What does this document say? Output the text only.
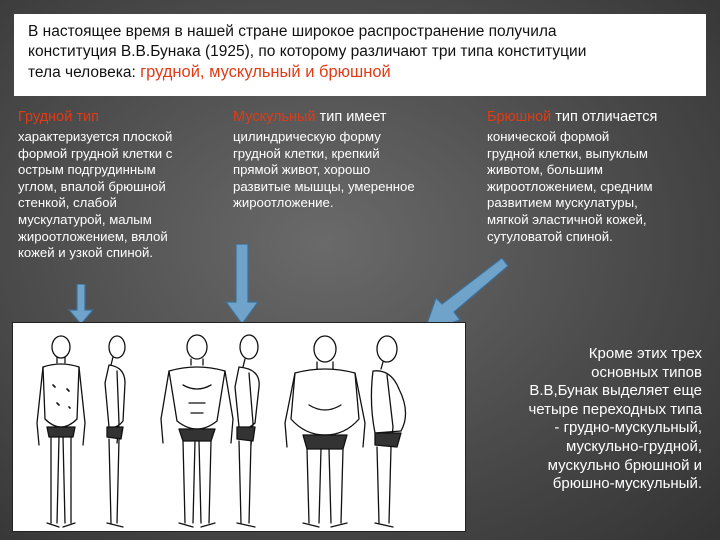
В настоящее время в нашей стране широкое распространение получила
конституция В.В.Бунака (1925), по которому различают три типа конституции
тела человека: грудной, мускульный и брюшной
Грудной тип
характеризуется плоской
формой грудной клетки с
острым подгрудинным
углом, впалой брюшной
стенкой, слабой
мускулатурой, малым
жироотложением, вялой
кожей и узкой спиной.
Мускульный тип имеет
цилиндрическую форму
грудной клетки, крепкий
прямой живот, хорошо
развитые мышцы, умеренное
жироотложение.
Брюшной тип отличается
конической формой
грудной клетки, выпуклым
животом, большим
жироотложением, средним
развитием мускулатуры,
мягкой эластичной кожей,
сутуловатой спиной.
Кроме этих трех
основных типов
В.В,Бунак выделяет еще
четыре переходных типа
- грудно-мускульный,
мускульно-грудной,
мускульно брюшной и
брюшно-мускульный.
